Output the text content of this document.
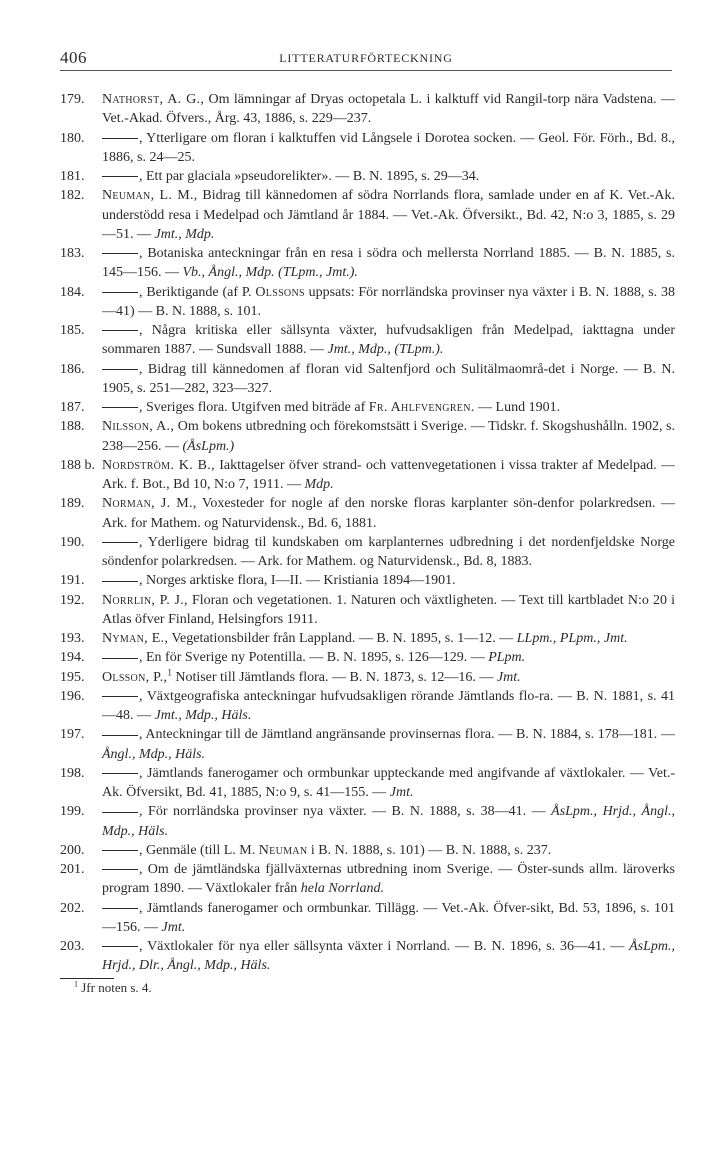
406	LITTERATURFÖRTECKNING
179. Nathorst, A. G., Om lämningar af Dryas octopetala L. i kalktuff vid Rangil-torp nära Vadstena. — Vet.-Akad. Öfvers., Årg. 43, 1886, s. 229—237.
180.	, Ytterligare om floran i kalktuffen vid Långsele i Dorotea socken. — Geol. För. Förh., Bd. 8., 1886, s. 24—25.
181.	, Ett par glaciala »pseudorelikter». — B. N. 1895, s. 29—34.
182. Neuman, L. M., Bidrag till kännedomen af södra Norrlands flora, samlade under en af K. Vet.-Ak. understödd resa i Medelpad och Jämtland år 1884. — Vet.-Ak. Öfversikt., Bd. 42, N:o 3, 1885, s. 29—51. — Jmt., Mdp.
183.	, Botaniska anteckningar från en resa i södra och mellersta Norrland 1885. — B. N. 1885, s. 145—156. — Vb., Ångl., Mdp. (TLpm., Jmt.).
184.	, Beriktigande (af P. Olssons uppsats: För norrländska provinser nya växter i B. N. 1888, s. 38—41) — B. N. 1888, s. 101.
185.	, Några kritiska eller sällsynta växter, hufvudsakligen från Medelpad, iakttagna under sommaren 1887. — Sundsvall 1888. — Jmt., Mdp., (TLpm.).
186.	, Bidrag till kännedomen af floran vid Saltenfjord och Sulitälmaområ-det i Norge. — B. N. 1905, s. 251—282, 323—327.
187.	, Sveriges flora. Utgifven med biträde af Fr. Ahlfvengren. — Lund 1901.
188. Nilsson, A., Om bokens utbredning och förekomstsätt i Sverige. — Tidskr. f. Skogshushålln. 1902, s. 238—256. — (ÅsLpm.)
188 b. Nordström. K. B., Iakttagelser öfver strand- och vattenvegetationen i vissa trakter af Medelpad. — Ark. f. Bot., Bd 10, N:o 7, 1911. — Mdp.
189. Norman, J. M., Voxesteder for nogle af den norske floras karplanter sön-denfor polarkredsen. — Ark. for Mathem. og Naturvidensk., Bd. 6, 1881.
190.	, Yderligere bidrag til kundskaben om karplanternes udbredning i det nordenfjeldske Norge söndenfor polarkredsen. — Ark. for Mathem. og Naturvidensk., Bd. 8, 1883.
191.	, Norges arktiske flora, I—II. — Kristiania 1894—1901.
192. Norrlin, P. J., Floran och vegetationen. 1. Naturen och växtligheten. — Text till kartbladet N:o 20 i Atlas öfver Finland, Helsingfors 1911.
193. Nyman, E., Vegetationsbilder från Lappland. — B. N. 1895, s. 1—12. — LLpm., PLpm., Jmt.
194.	, En för Sverige ny Potentilla. — B. N. 1895, s. 126—129. — PLpm.
195. Olsson, P.,$^1$ Notiser till Jämtlands flora. — B. N. 1873, s. 12—16. — Jmt.
196.	, Växtgeografiska anteckningar hufvudsakligen rörande Jämtlands flo-ra. — B. N. 1881, s. 41—48. — Jmt., Mdp., Häls.
197.	, Anteckningar till de Jämtland angränsande provinsernas flora. — B. N. 1884, s. 178—181. — Ångl., Mdp., Häls.
198.	, Jämtlands fanerogamer och ormbunkar uppteckande med angifvande af växtlokaler. — Vet.-Ak. Öfversikt, Bd. 41, 1885, N:o 9, s. 41—155. — Jmt.
199.	, För norrländska provinser nya växter. — B. N. 1888, s. 38—41. — ÅsLpm., Hrjd., Ångl., Mdp., Häls.
200.	, Genmäle (till L. M. Neuman i B. N. 1888, s. 101) — B. N. 1888, s. 237.
201.	, Om de jämtländska fjällväxternas utbredning inom Sverige. — Öster-sunds allm. läroverks program 1890. — Växtlokaler från hela Norrland.
202.	, Jämtlands fanerogamer och ormbunkar. Tillägg. — Vet.-Ak. Öfver-sikt, Bd. 53, 1896, s. 101—156. — Jmt.
203.	, Växtlokaler för nya eller sällsynta växter i Norrland. — B. N. 1896, s. 36—41. — ÅsLpm., Hrjd., Dlr., Ångl., Mdp., Häls.
$^1$ Jfr noten s. 4.
